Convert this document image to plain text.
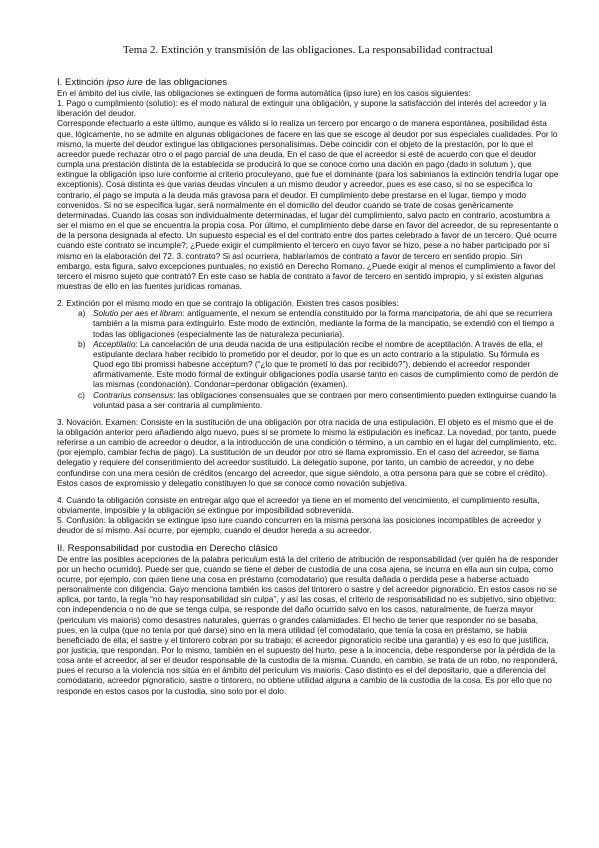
Tema 2. Extinción y transmisión de las obligaciones. La responsabilidad contractual

I. Extinción ipso iure de las obligaciones

En el ámbito del ius civile, las obligaciones se extinguen de forma automática (ipso iure) en los casos siguientes:

1. Pago o cumplimiento (solutio): es el modo natural de extinguir una obligación, y supone la satisfacción del interés del acreedor y la liberación del deudor.

Corresponde efectuarlo a este último, aunque es válido si lo realiza un tercero por encargo o de manera espontánea, posibilidad ésta que, lógicamente, no se admite en algunas obligaciones de facere en las que se escoge al deudor por sus especiales cualidades. Por lo mismo, la muerte del deudor extingue las obligaciones personalísimas. Debe coincidir con el objeto de la prestación, por lo que el acreedor puede rechazar otro o el pago parcial de una deuda. En el caso de que el acreedor si esté de acuerdo con que el deudor cumpla una prestación distinta de la establecida se producirá lo que se conoce como una dación en pago (dado in solutum ), que extingue la obligación ipso iure conforme al criterio proculeyano, que fue el dominante (para los sabinianos la extinción tendría lugar ope exceptionis). Cosa distinta es que varias deudas vinculen a un mismo deudor y acreedor, pues es ese caso, si no se especifica lo contrario, el pago se imputa a la deuda más gravosa para el deudor. El cumplimiento debe prestarse en el lugar, tiempo y modo convenidos. Si no se especifica lugar, será normalmente en el domicilio del deudor cuando se trate de cosas genéricamente determinadas. Cuando las cosas son individualmente determinadas, el lugar del cumplimiento, salvo pacto en contrario, acostumbra a ser el mismo en el que se encuentra la propia cosa. Por último, el cumplimiento debe darse en favor del acreedor, de su representante o de la persona designada al efecto. Un supuesto especial es el del contrato entre dos partes celebrado a favor de un tercero. Qué ocurre cuando este contrato se incumple?; ¿Puede exigir el cumplimiento el tercero en cuyo favor se hizo, pese a no haber participado por sí mismo en la elaboración del 72. 3. contrato? Si así ocurriera, hablaríamos de contrato a favor de tercero en sentido propio. Sin embargo, esta figura, salvo excepciones puntuales, no existió en Derecho Romano. ¿Puede exigir al menos el cumplimiento a favor del tercero el mismo sujeto que contrató? En este caso se habla de contrato a favor de tercero en sentido impropio, y sí existen algunas muestras de ello en las fuentes jurídicas romanas.

2. Extinción por el mismo modo en que se contrajo la obligación. Existen tres casos posibles:

a) Solutio per aes et libram: antiguamente, el nexum se entendía constituido por la forma mancipatoria, de ahí que se recurriera también a la misma para extinguirlo. Este modo de extinción, mediante la forma de la mancipatio, se extendió con el tiempo a todas las obligaciones (especialmente las de naturaleza pecuniaria).
b) Acceptilatio: La cancelación de una deuda nacida de una estipulación recibe el nombre de aceptilación. A través de ella, el estipulante declara haber recibido lo prometido por el deudor, por lo que es un acto contrario a la stipulatio. Su fórmula es Quod ego tibi promissi habesne acceptum? (“¿lo que te prometí lo das por recibido?”), debiendo el acreedor responder afirmativamente. Este modo formal de extinguir obligaciones podía usarse tanto en casos de cumplimiento como de perdón de las mismas (condonación). Condonar=perdonar obligación (examen).
c) Contrarius consensus: las obligaciones consensuales que se contraen por mero consentimiento pueden extinguirse cuando la voluntad pasa a ser contraria al cumplimiento.

3. Novación. Examen: Consiste en la sustitución de una obligación por otra nacida de una estipulación. El objeto es el mismo que el de la obligación anterior pero añadiendo algo nuevo, pues si se promete lo mismo la estipulación es ineficaz. La novedad, por tanto, puede referirse a un cambio de acreedor o deudor, a la introducción de una condición o término, a un cambio en el lugar del cumplimiento, etc. (por ejemplo, cambiar fecha de pago). La sustitución de un deudor por otro se llama expromissio. En el caso del acreedor, se llama delegatio y requiere del consentimiento del acreedor sustituido. La delegatio supone, por tanto, un cambio de acreedor, y no debe confundirse con una mera cesión de créditos (encargo del acreedor, que sigue siéndolo, a otra persona para que se cobre el crédito). Estos casos de expromissio y delegatio constituyen lo que se conoce como novación subjetiva.

4. Cuando la obligación consiste en entregar algo que el acreedor ya tiene en el momento del vencimiento, el cumplimiento resulta, obviamente, imposible y la obligación se extingue por imposibilidad sobrevenida.

5. Confusión: la obligación se extingue ipso iure cuando concurren en la misma persona las posiciones incompatibles de acreedor y deudor de sí mismo. Así ocurre, por ejemplo, cuando el deudor hereda a su acreedor.

II. Responsabilidad por custodia en Derecho clásico

De entre las posibles acepciones de la palabra periculum está la del criterio de atribución de responsabilidad (ver quién ha de responder por un hecho ocurrido). Puede ser que, cuando se tiene el deber de custodia de una cosa ajena, se incurra en ella aun sin culpa, como ocurre, por ejemplo, con quien tiene una cosa en préstamo (comodatario) que resulta dañada o perdida pese a haberse actuado personalmente con diligencia. Gayo menciona también los casos del tintorero o sastre y del acreedor pignoraticio. En estos casos no se aplica, por tanto, la regla “no hay responsabilidad sin culpa”, y así las cosas, el criterio de responsabilidad no es subjetivo, sino objetivo: con independencia o no de que se tenga culpa, se responde del daño ocurrido salvo en los casos, naturalmente, de fuerza mayor (periculum vis maioris) como desastres naturales, guerras o grandes calamidades. El hecho de tener que responder no se basaba, pues, en la culpa (que no tenía por qué darse) sino en la mera utilidad (el comodatario, que tenía la cosa en préstamo, se había beneficiado de ella; el sastre y el tintorero cobran por su trabajo; el acreedor pignoraticio recibe una garantía) y es eso lo que justifica, por justicia, que respondan. Por lo mismo, también en el supuesto del hurto, pese a la inocencia, debe responderse por la pérdida de la cosa ante el acreedor, al ser el deudor responsable de la custodia de la misma. Cuando, en cambio, se trata de un robo, no responderá, pues el recurso a la violencia nos sitúa en el ámbito del periculum vis maioris. Caso distinto es el del depositario, que a diferencia del comodatario, acreedor pignoraticio, sastre o tintorero, no obtiene utilidad alguna a cambio de la custodia de la cosa. Es por ello que no responde en estos casos por la custodia, sino solo por el dolo.
